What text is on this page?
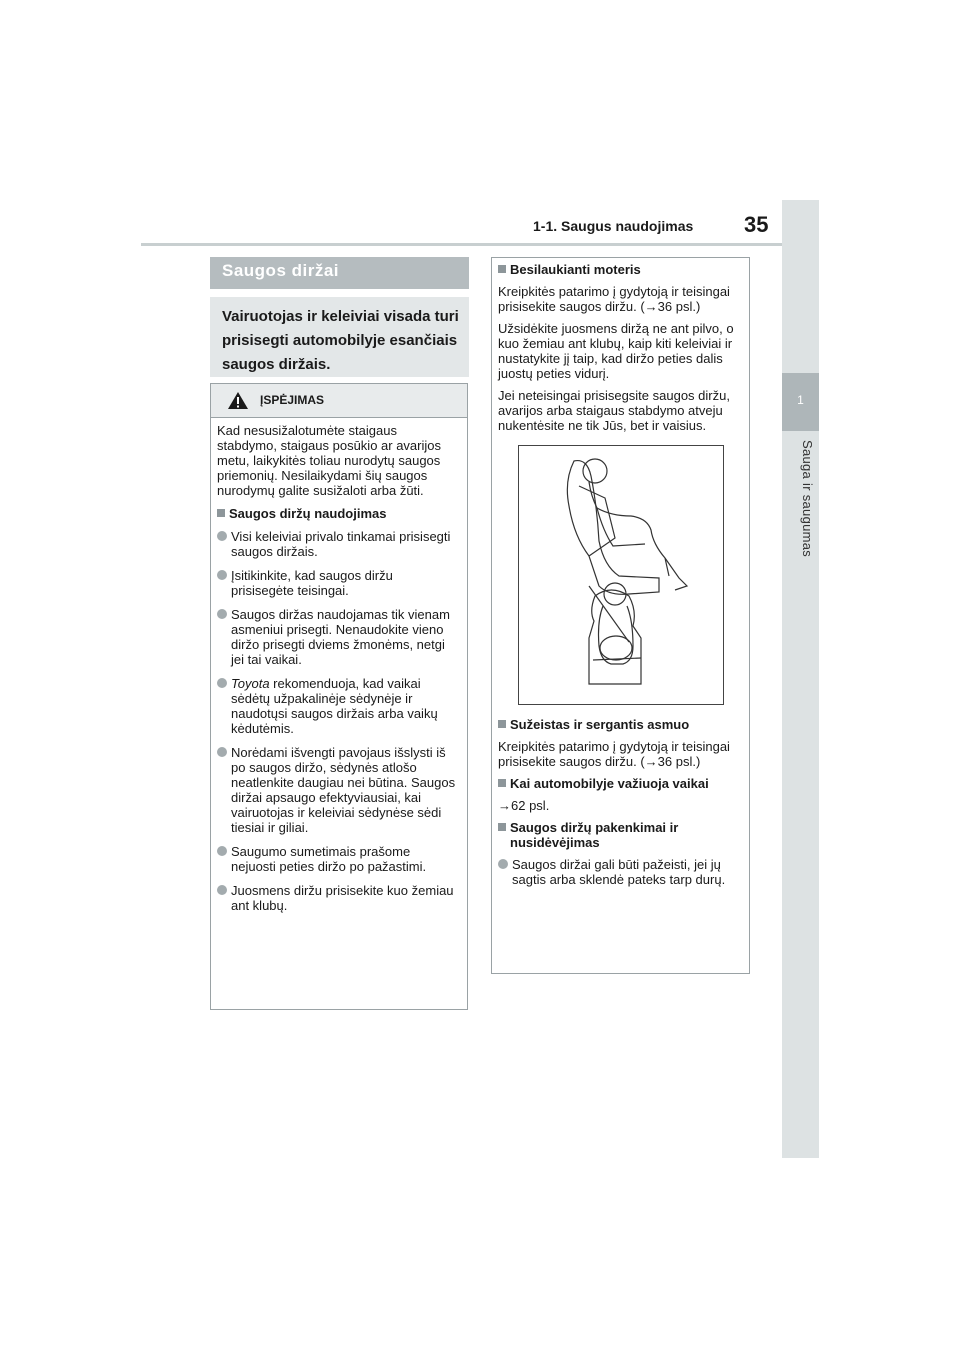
1-1. Saugus naudojimas 35
1
Sauga ir saugumas
Saugos diržai
Vairuotojas ir keleiviai visada turi prisisegti automobilyje esančiais saugos diržais.
ĮSPĖJIMAS

Kad nesusižalotumėte staigaus stabdymo, staigaus posūkio ar avarijos metu, laikykitės toliau nurodytų saugos priemonių. Nesilaikydami šių saugos nurodymų galite susižaloti arba žūti.

Saugos diržų naudojimas

Visi keleiviai privalo tinkamai prisisegti saugos diržais.
Įsitikinkite, kad saugos diržu prisisegėte teisingai.
Saugos diržas naudojamas tik vienam asmeniui prisegti. Nenaudokite vieno diržo prisegti dviems žmonėms, netgi jei tai vaikai.
Toyota rekomenduoja, kad vaikai sėdėtų užpakalinėje sėdynėje ir naudotųsi saugos diržais arba vaikų kėdutėmis.
Norėdami išvengti pavojaus išslysti iš po saugos diržo, sėdynės atlošo neatlenkite daugiau nei būtina. Saugos diržai apsaugo efektyviausiai, kai vairuotojas ir keleiviai sėdynėse sėdi tiesiai ir giliai.
Saugumo sumetimais prašome nejuosti peties diržo po pažastimi.
Juosmens diržu prisisekite kuo žemiau ant klubų.

Besilaukianti moteris

Kreipkitės patarimo į gydytoją ir teisingai prisisekite saugos diržu. (→36 psl.)

Užsidėkite juosmens diržą ne ant pilvo, o kuo žemiau ant klubų, kaip kiti keleiviai ir nustatykite jį taip, kad diržo peties dalis juostų peties vidurį.

Jei neteisingai prisisegsite saugos diržu, avarijos arba staigaus stabdymo atveju nukentėsite ne tik Jūs, bet ir vaisius.

Sužeistas ir sergantis asmuo

Kreipkitės patarimo į gydytoją ir teisingai prisisekite saugos diržu. (→36 psl.)

Kai automobilyje važiuoja vaikai

→62 psl.

Saugos diržų pakenkimai ir nusidėvėjimas

Saugos diržai gali būti pažeisti, jei jų sagtis arba sklendė pateks tarp durų.
